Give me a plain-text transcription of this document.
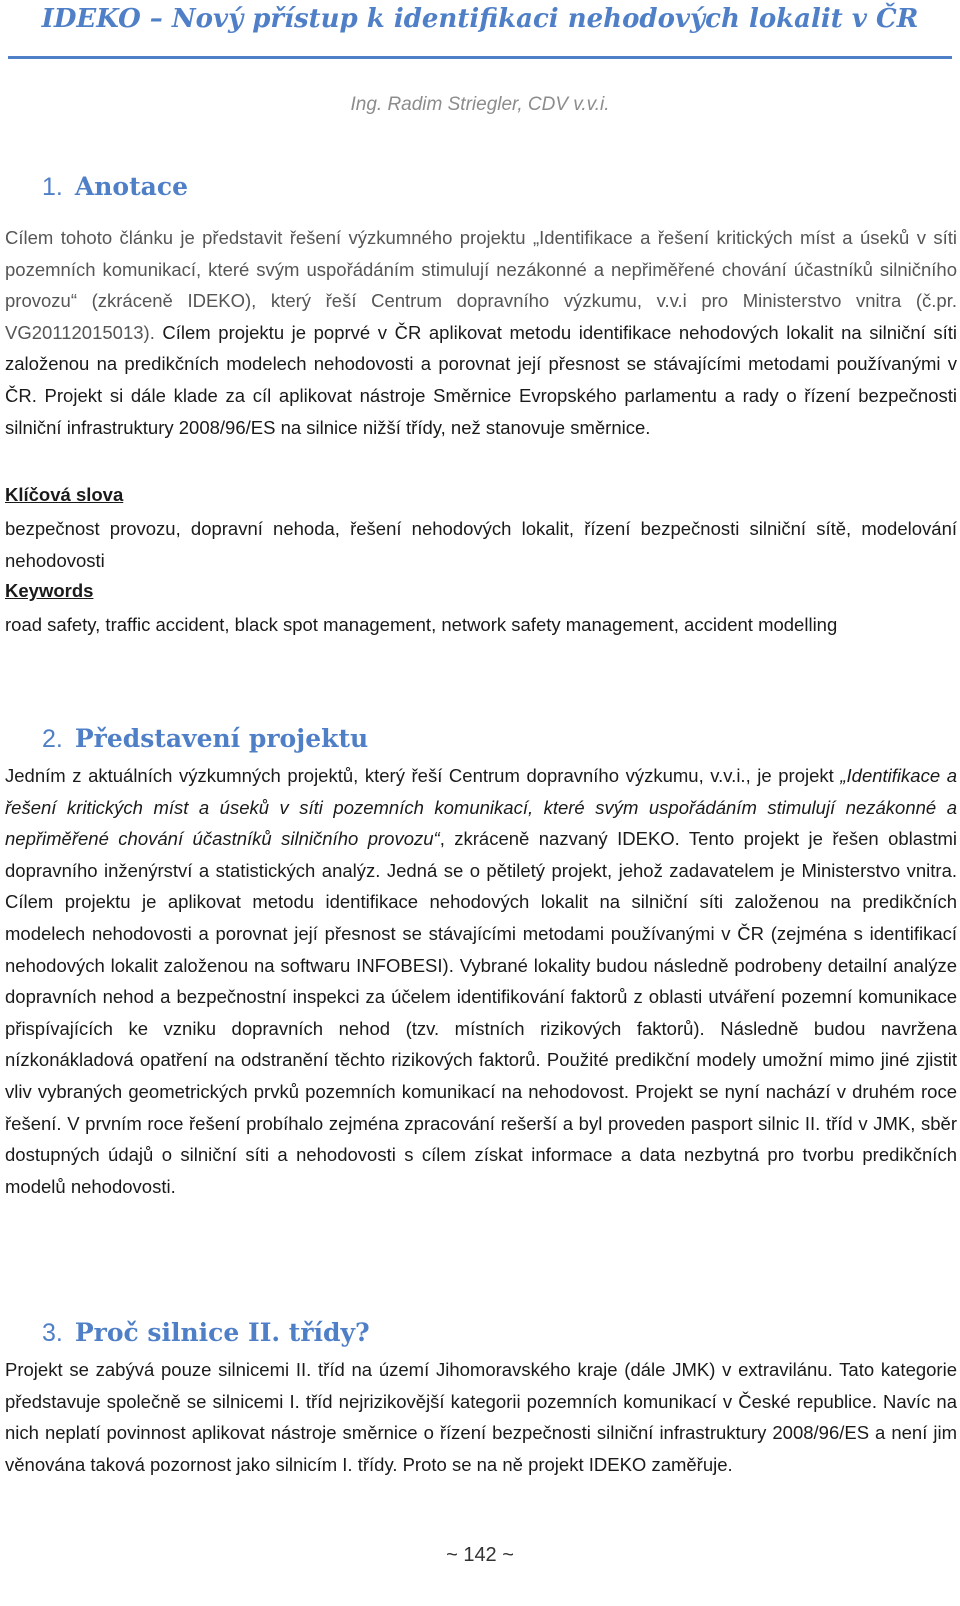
IDEKO – Nový přístup k identifikaci nehodových lokalit v ČR
Ing. Radim Striegler, CDV v.v.i.
1. Anotace

Cílem tohoto článku je představit řešení výzkumného projektu „Identifikace a řešení kritických míst a úseků v síti pozemních komunikací, které svým uspořádáním stimulují nezákonné a nepřiměřené chování účastníků silničního provozu“ (zkráceně IDEKO), který řeší Centrum dopravního výzkumu, v.v.i pro Ministerstvo vnitra (č.pr. VG20112015013). Cílem projektu je poprvé v ČR aplikovat metodu identifikace nehodových lokalit na silniční síti založenou na predikčních modelech nehodovosti a porovnat její přesnost se stávajícími metodami používanými v ČR. Projekt si dále klade za cíl aplikovat nástroje Směrnice Evropského parlamentu a rady o řízení bezpečnosti silniční infrastruktury 2008/96/ES na silnice nižší třídy, než stanovuje směrnice.

Klíčová slova

bezpečnost provozu, dopravní nehoda, řešení nehodových lokalit, řízení bezpečnosti silniční sítě, modelování nehodovosti

Keywords

road safety, traffic accident, black spot management, network safety management, accident modelling

2. Představení projektu

Jedním z aktuálních výzkumných projektů, který řeší Centrum dopravního výzkumu, v.v.i., je projekt „Identifikace a řešení kritických míst a úseků v síti pozemních komunikací, které svým uspořádáním stimulují nezákonné a nepřiměřené chování účastníků silničního provozu“, zkráceně nazvaný IDEKO. Tento projekt je řešen oblastmi dopravního inženýrství a statistických analýz. Jedná se o pětiletý projekt, jehož zadavatelem je Ministerstvo vnitra. Cílem projektu je aplikovat metodu identifikace nehodových lokalit na silniční síti založenou na predikčních modelech nehodovosti a porovnat její přesnost se stávajícími metodami používanými v ČR (zejména s identifikací nehodových lokalit založenou na softwaru INFOBESI). Vybrané lokality budou následně podrobeny detailní analýze dopravních nehod a bezpečnostní inspekci za účelem identifikování faktorů z oblasti utváření pozemní komunikace přispívajících ke vzniku dopravních nehod (tzv. místních rizikových faktorů). Následně budou navržena nízkonákladová opatření na odstranění těchto rizikových faktorů. Použité predikční modely umožní mimo jiné zjistit vliv vybraných geometrických prvků pozemních komunikací na nehodovost. Projekt se nyní nachází v druhém roce řešení. V prvním roce řešení probíhalo zejména zpracování rešerší a byl proveden pasport silnic II. tříd v JMK, sběr dostupných údajů o silniční síti a nehodovosti s cílem získat informace a data nezbytná pro tvorbu predikčních modelů nehodovosti.

3. Proč silnice II. třídy?

Projekt se zabývá pouze silnicemi II. tříd na území Jihomoravského kraje (dále JMK) v extravilánu. Tato kategorie představuje společně se silnicemi I. tříd nejrizikovější kategorii pozemních komunikací v České republice. Navíc na nich neplatí povinnost aplikovat nástroje směrnice o řízení bezpečnosti silniční infrastruktury 2008/96/ES a není jim věnována taková pozornost jako silnicím I. třídy. Proto se na ně projekt IDEKO zaměřuje.

~ 142 ~
